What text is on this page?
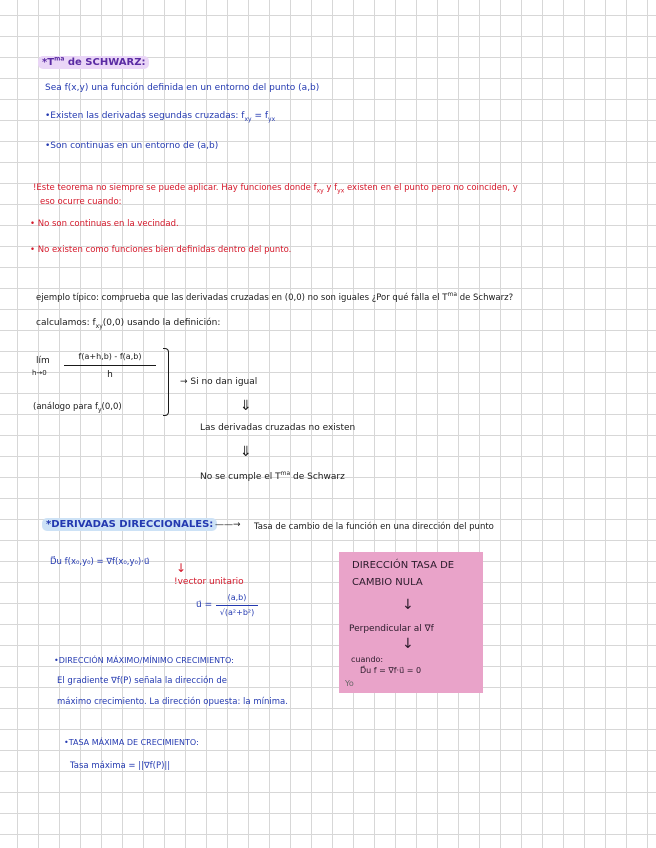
$*T^{ma}$ de SCHWARZ:
Sea f(x,y) una función definida en un entorno del punto (a,b)
•Existen las derivadas segundas cruzadas: $f_{xy} = f_{yx}$
•Son continuas en un entorno de (a,b)
!Este teorema no siempre se puede aplicar. Hay funciones donde $f_{xy}$ y $f_{yx}$ existen en el punto pero no coinciden, y
eso ocurre cuando:
• No son continuas en la vecindad.
• No existen como funciones bien definidas dentro del punto.
ejemplo típico: comprueba que las derivadas cruzadas en (0,0) no son iguales ¿Por qué falla el $T^{ma}$ de Schwarz?
calculamos: $f_{xy}(0,0)$ usando la definición:
lím
h→0
f(a+h,b) - f(a,b)
h
(análogo para $f_y(0,0)$
→ Si no dan igual
⇓
Las derivadas cruzadas no existen
⇓
No se cumple el $T^{ma}$ de Schwarz
*DERIVADAS DIRECCIONALES: ——→ Tasa de cambio de la función en una dirección del punto
D⃗u f(x₀,y₀) = ∇f(x₀,y₀)·u⃗ ↓
!vector unitario
u⃗ =
(a,b)
√(a²+b²)
DIRECCIÓN TASA DE
CAMBIO NULA
↓
Perpendicular al ∇f
↓
cuando:
D⃗u f = ∇f·u⃗ = 0
Yo
•DIRECCIÓN MÁXIMO/MÍNIMO CRECIMIENTO:
El gradiente ∇f(P) señala la dirección de
máximo crecimiento. La dirección opuesta: la mínima.
•TASA MÁXIMA DE CRECIMIENTO:
Tasa máxima = ||∇f(P)||
